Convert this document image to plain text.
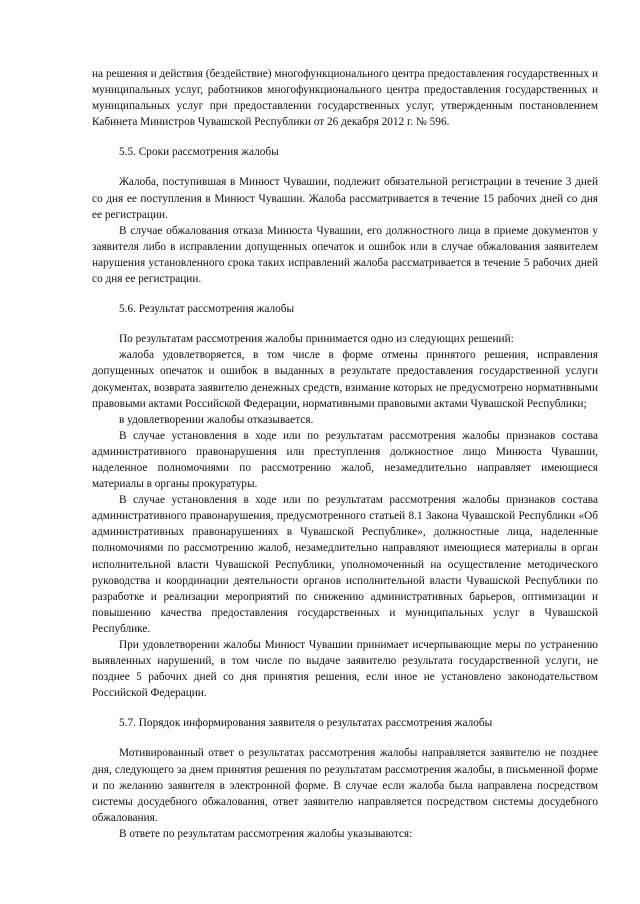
на решения и действия (бездействие) многофункционального центра предоставления государственных и муниципальных услуг, работников многофункционального центра предоставления государственных и муниципальных услуг при предоставлении государственных услуг, утвержденным постановлением Кабинета Министров Чувашской Республики от 26 декабря 2012 г. № 596.

5.5. Сроки рассмотрения жалобы

Жалоба, поступившая в Минюст Чувашии, подлежит обязательной регистрации в течение 3 дней со дня ее поступления в Минюст Чувашии. Жалоба рассматривается в течение 15 рабочих дней со дня ее регистрации.

В случае обжалования отказа Минюста Чувашии, его должностного лица в приеме документов у заявителя либо в исправлении допущенных опечаток и ошибок или в случае обжалования заявителем нарушения установленного срока таких исправлений жалоба рассматривается в течение 5 рабочих дней со дня ее регистрации.

5.6. Результат рассмотрения жалобы

По результатам рассмотрения жалобы принимается одно из следующих решений:

жалоба удовлетворяется, в том числе в форме отмены принятого решения, исправления допущенных опечаток и ошибок в выданных в результате предоставления государственной услуги документах, возврата заявителю денежных средств, взимание которых не предусмотрено нормативными правовыми актами Российской Федерации, нормативными правовыми актами Чувашской Республики;

в удовлетворении жалобы отказывается.

В случае установления в ходе или по результатам рассмотрения жалобы признаков состава административного правонарушения или преступления должностное лицо Минюста Чувашии, наделенное полномочиями по рассмотрению жалоб, незамедлительно направляет имеющиеся материалы в органы прокуратуры.

В случае установления в ходе или по результатам рассмотрения жалобы признаков состава административного правонарушения, предусмотренного статьей 8.1 Закона Чувашской Республики «Об административных правонарушениях в Чувашской Республике», должностные лица, наделенные полномочиями по рассмотрению жалоб, незамедлительно направляют имеющиеся материалы в орган исполнительной власти Чувашской Республики, уполномоченный на осуществление методического руководства и координации деятельности органов исполнительной власти Чувашской Республики по разработке и реализации мероприятий по снижению административных барьеров, оптимизации и повышению качества предоставления государственных и муниципальных услуг в Чувашской Республике.

При удовлетворении жалобы Минюст Чувашии принимает исчерпывающие меры по устранению выявленных нарушений, в том числе по выдаче заявителю результата государственной услуги, не позднее 5 рабочих дней со дня принятия решения, если иное не установлено законодательством Российской Федерации.

5.7. Порядок информирования заявителя о результатах рассмотрения жалобы

Мотивированный ответ о результатах рассмотрения жалобы направляется заявителю не позднее дня, следующего за днем принятия решения по результатам рассмотрения жалобы, в письменной форме и по желанию заявителя в электронной форме. В случае если жалоба была направлена посредством системы досудебного обжалования, ответ заявителю направляется посредством системы досудебного обжалования.

В ответе по результатам рассмотрения жалобы указываются:
